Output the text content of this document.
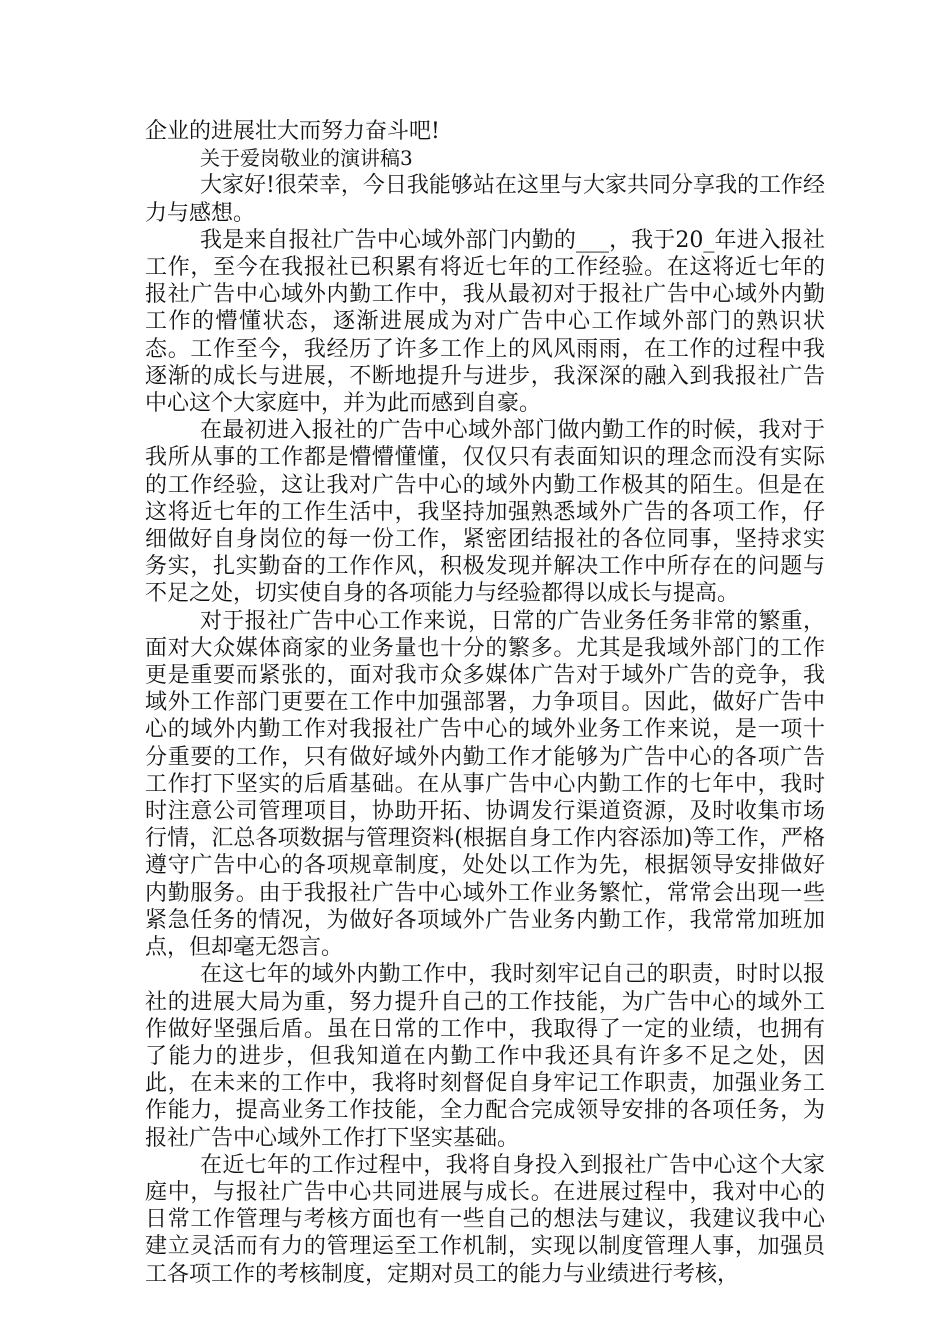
企业的进展壮大而努力奋斗吧!

关于爱岗敬业的演讲稿3

大家好!很荣幸，今日我能够站在这里与大家共同分享我的工作经力与感想。

我是来自报社广告中心域外部门内勤的___，我于20_年进入报社工作，至今在我报社已积累有将近七年的工作经验。在这将近七年的报社广告中心域外内勤工作中，我从最初对于报社广告中心域外内勤工作的懵懂状态，逐渐进展成为对广告中心工作域外部门的熟识状态。工作至今，我经历了许多工作上的风风雨雨，在工作的过程中我逐渐的成长与进展，不断地提升与进步，我深深的融入到我报社广告中心这个大家庭中，并为此而感到自豪。

在最初进入报社的广告中心域外部门做内勤工作的时候，我对于我所从事的工作都是懵懵懂懂，仅仅只有表面知识的理念而没有实际的工作经验，这让我对广告中心的域外内勤工作极其的陌生。但是在这将近七年的工作生活中，我坚持加强熟悉域外广告的各项工作，仔细做好自身岗位的每一份工作，紧密团结报社的各位同事，坚持求实务实，扎实勤奋的工作作风，积极发现并解决工作中所存在的问题与不足之处，切实使自身的各项能力与经验都得以成长与提高。

对于报社广告中心工作来说，日常的广告业务任务非常的繁重，面对大众媒体商家的业务量也十分的繁多。尤其是我域外部门的工作更是重要而紧张的，面对我市众多媒体广告对于域外广告的竞争，我域外工作部门更要在工作中加强部署，力争项目。因此，做好广告中心的域外内勤工作对我报社广告中心的域外业务工作来说，是一项十分重要的工作，只有做好域外内勤工作才能够为广告中心的各项广告工作打下坚实的后盾基础。在从事广告中心内勤工作的七年中，我时时注意公司管理项目，协助开拓、协调发行渠道资源，及时收集市场行情，汇总各项数据与管理资料(根据自身工作内容添加)等工作，严格遵守广告中心的各项规章制度，处处以工作为先，根据领导安排做好内勤服务。由于我报社广告中心域外工作业务繁忙，常常会出现一些紧急任务的情况，为做好各项域外广告业务内勤工作，我常常加班加点，但却毫无怨言。

在这七年的域外内勤工作中，我时刻牢记自己的职责，时时以报社的进展大局为重，努力提升自己的工作技能，为广告中心的域外工作做好坚强后盾。虽在日常的工作中，我取得了一定的业绩，也拥有了能力的进步，但我知道在内勤工作中我还具有许多不足之处，因此，在未来的工作中，我将时刻督促自身牢记工作职责，加强业务工作能力，提高业务工作技能，全力配合完成领导安排的各项任务，为报社广告中心域外工作打下坚实基础。

在近七年的工作过程中，我将自身投入到报社广告中心这个大家庭中，与报社广告中心共同进展与成长。在进展过程中，我对中心的日常工作管理与考核方面也有一些自己的想法与建议，我建议我中心建立灵活而有力的管理运至工作机制，实现以制度管理人事，加强员工各项工作的考核制度，定期对员工的能力与业绩进行考核，
